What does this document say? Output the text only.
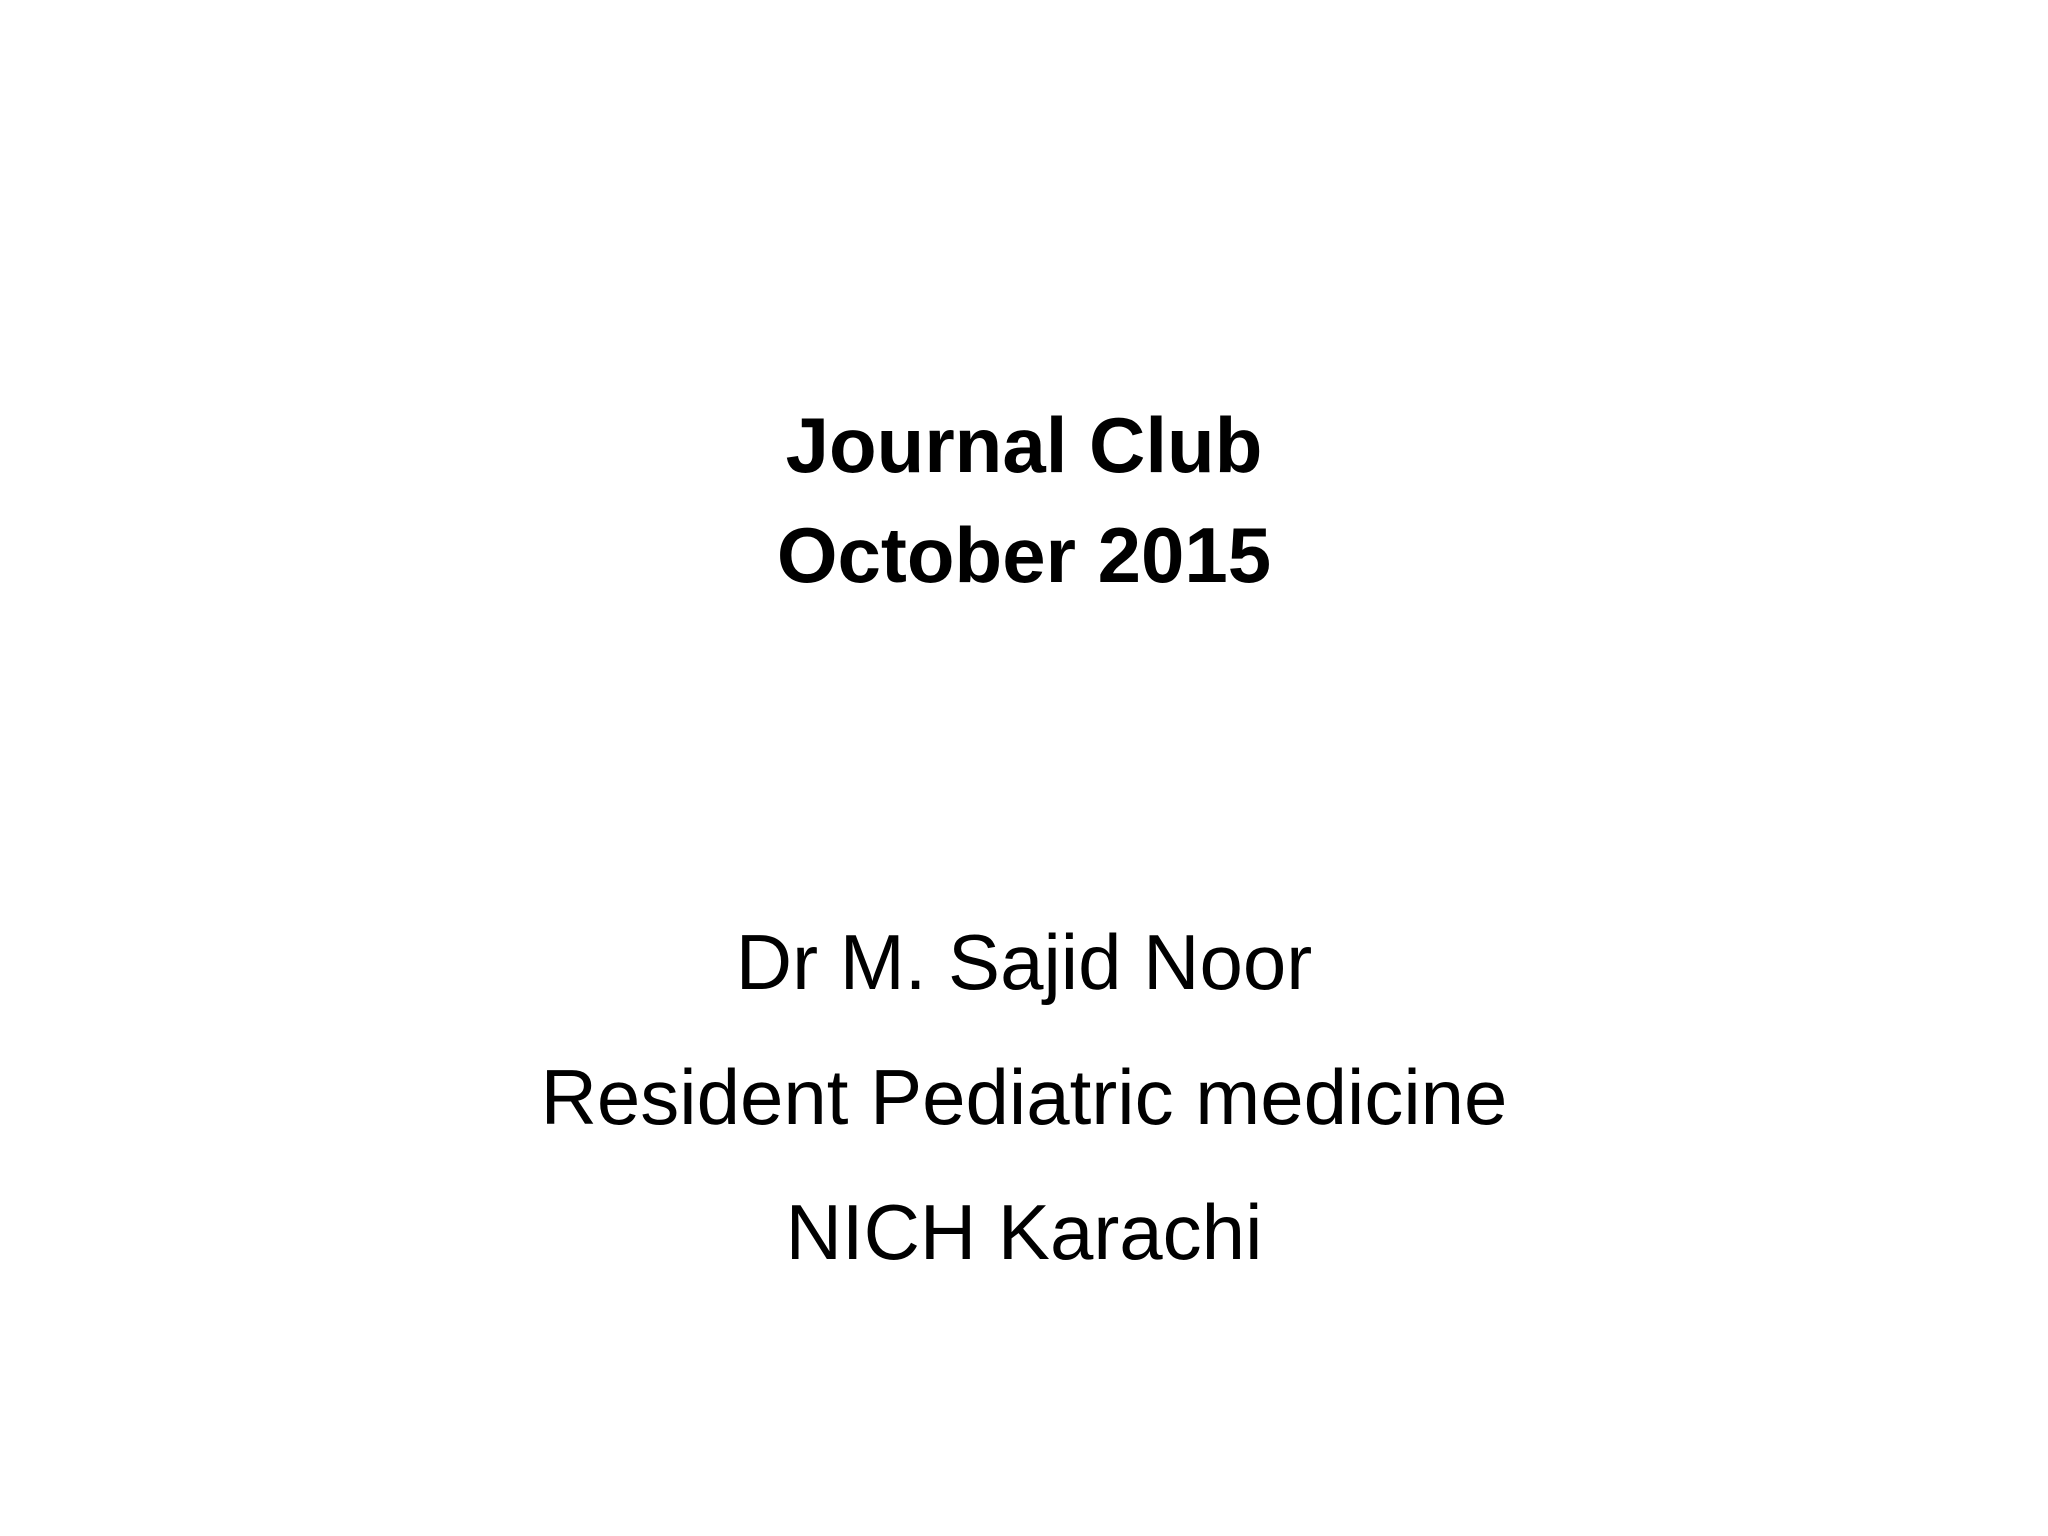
Journal Club
October 2015
Dr M. Sajid Noor
Resident Pediatric medicine
NICH Karachi
